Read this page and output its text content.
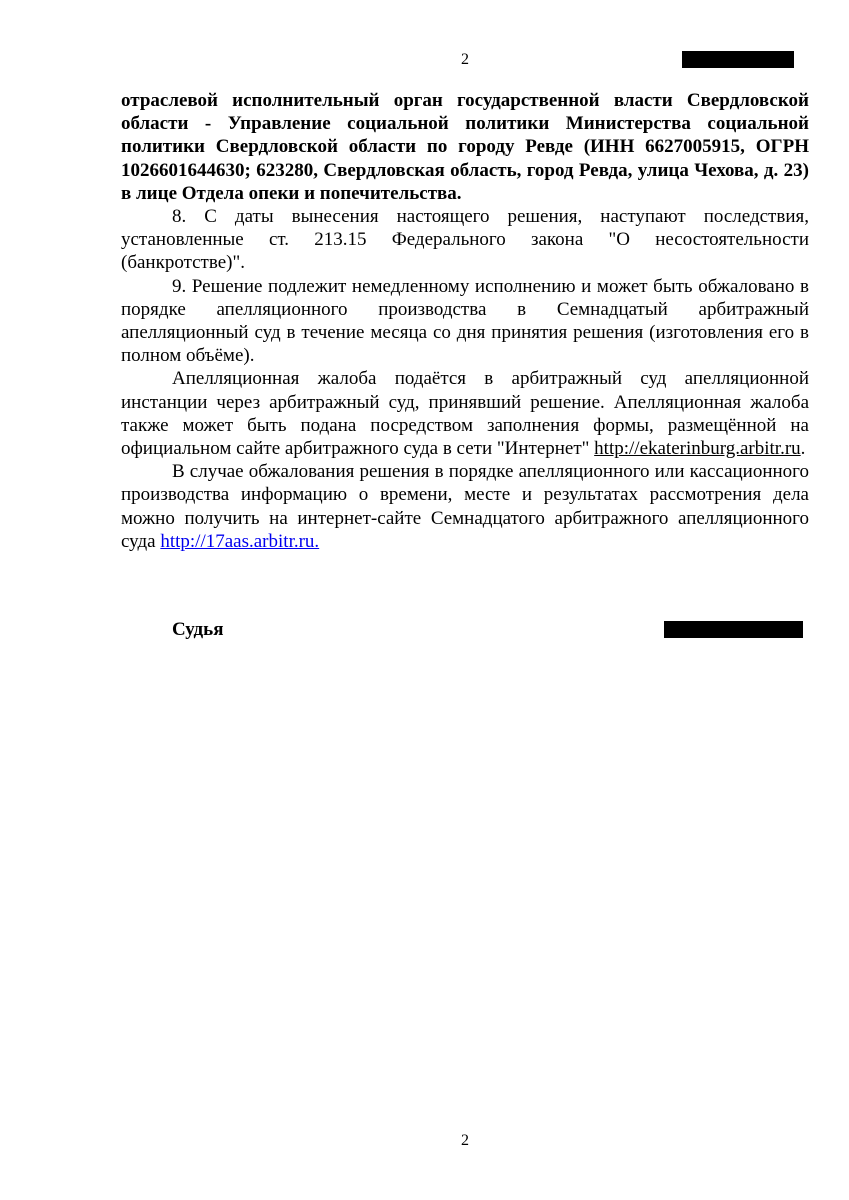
2

отраслевой исполнительный орган государственной власти Свердловской области - Управление социальной политики Министерства социальной политики Свердловской области по городу Ревде (ИНН 6627005915, ОГРН 1026601644630; 623280, Свердловская область, город Ревда, улица Чехова, д. 23) в лице Отдела опеки и попечительства.

8. С даты вынесения настоящего решения, наступают последствия, установленные ст. 213.15 Федерального закона "О несостоятельности (банкротстве)".

9. Решение подлежит немедленному исполнению и может быть обжаловано в порядке апелляционного производства в Семнадцатый арбитражный апелляционный суд в течение месяца со дня принятия решения (изготовления его в полном объёме).

Апелляционная жалоба подаётся в арбитражный суд апелляционной инстанции через арбитражный суд, принявший решение. Апелляционная жалоба также может быть подана посредством заполнения формы, размещённой на официальном сайте арбитражного суда в сети "Интернет" http://ekaterinburg.arbitr.ru.

В случае обжалования решения в порядке апелляционного или кассационного производства информацию о времени, месте и результатах рассмотрения дела можно получить на интернет-сайте Семнадцатого арбитражного апелляционного суда http://17aas.arbitr.ru.

Судья
2
